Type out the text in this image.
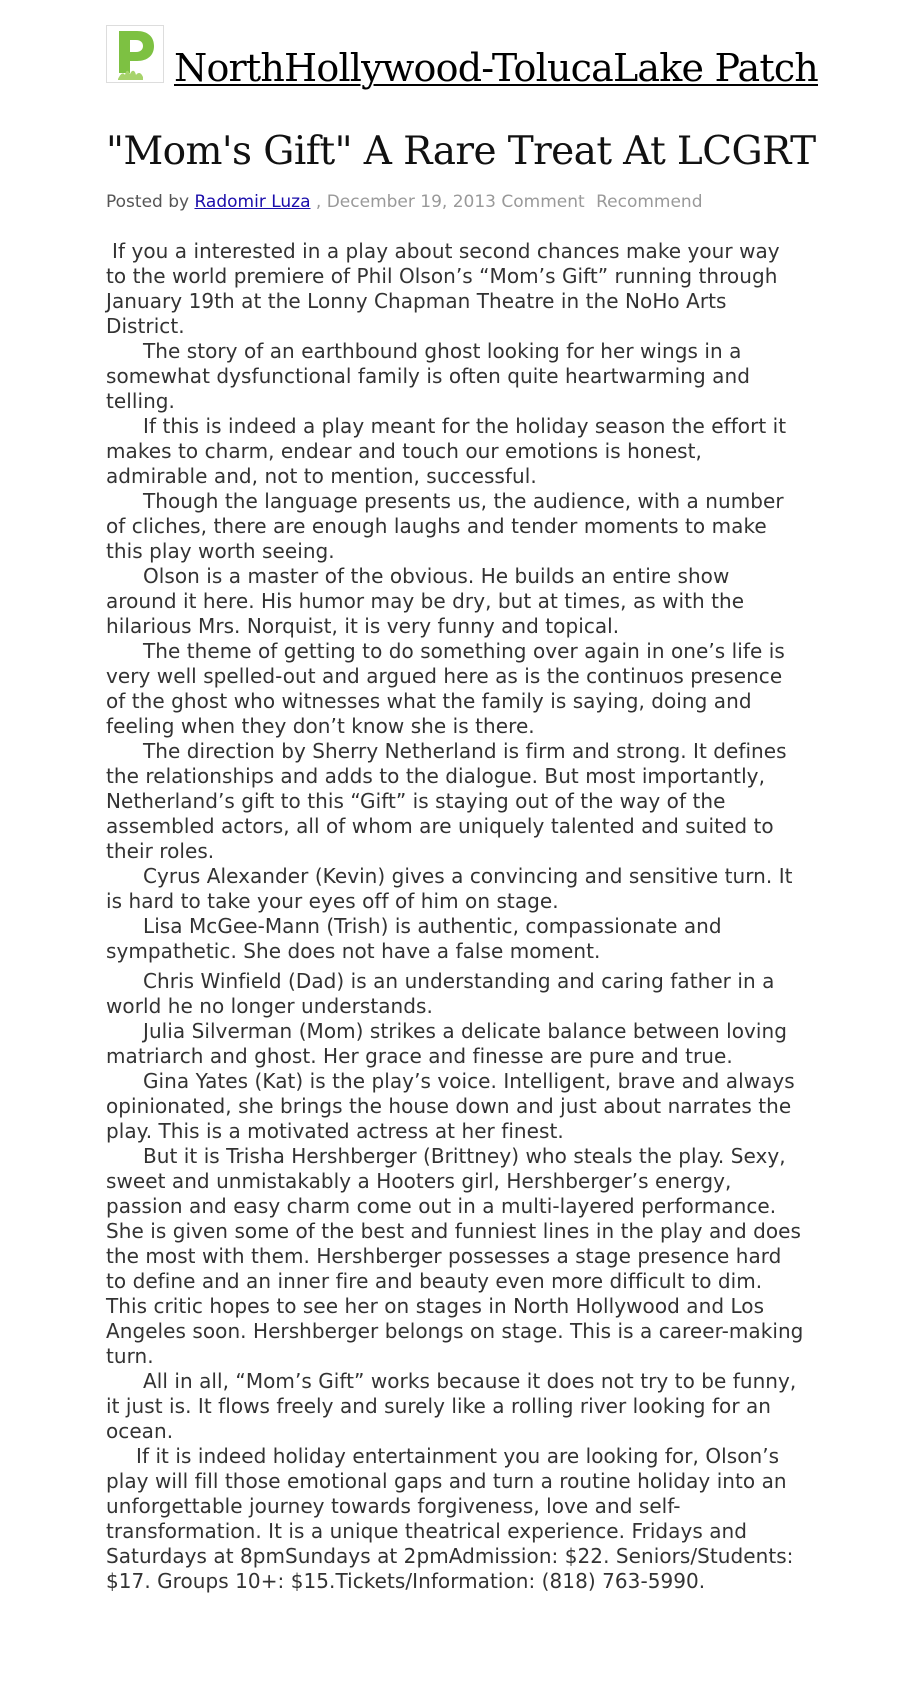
NorthHollywood-TolucaLake Patch
"Mom's Gift" A Rare Treat At LCGRT
Posted by Radomir Luza , December 19, 2013 Comment Recommend

If you a interested in a play about second chances make your way to the world premiere of Phil Olson’s “Mom’s Gift” running through January 19th at the Lonny Chapman Theatre in the NoHo Arts District.

The story of an earthbound ghost looking for her wings in a somewhat dysfunctional family is often quite heartwarming and telling.

If this is indeed a play meant for the holiday season the effort it makes to charm, endear and touch our emotions is honest, admirable and, not to mention, successful.

Though the language presents us, the audience, with a number of cliches, there are enough laughs and tender moments to make this play worth seeing.

Olson is a master of the obvious. He builds an entire show around it here. His humor may be dry, but at times, as with the hilarious Mrs. Norquist, it is very funny and topical.

The theme of getting to do something over again in one’s life is very well spelled-out and argued here as is the continuos presence of the ghost who witnesses what the family is saying, doing and feeling when they don’t know she is there.

The direction by Sherry Netherland is firm and strong. It defines the relationships and adds to the dialogue. But most importantly, Netherland’s gift to this “Gift” is staying out of the way of the assembled actors, all of whom are uniquely talented and suited to their roles.

Cyrus Alexander (Kevin) gives a convincing and sensitive turn. It is hard to take your eyes off of him on stage.

Lisa McGee-Mann (Trish) is authentic, compassionate and sympathetic. She does not have a false moment.

Chris Winfield (Dad) is an understanding and caring father in a world he no longer understands.

Julia Silverman (Mom) strikes a delicate balance between loving matriarch and ghost. Her grace and finesse are pure and true.

Gina Yates (Kat) is the play’s voice. Intelligent, brave and always opinionated, she brings the house down and just about narrates the play. This is a motivated actress at her finest.

But it is Trisha Hershberger (Brittney) who steals the play. Sexy, sweet and unmistakably a Hooters girl, Hershberger’s energy, passion and easy charm come out in a multi-layered performance. She is given some of the best and funniest lines in the play and does the most with them. Hershberger possesses a stage presence hard to define and an inner fire and beauty even more difficult to dim. This critic hopes to see her on stages in North Hollywood and Los Angeles soon. Hershberger belongs on stage. This is a career-making turn.

All in all, “Mom’s Gift” works because it does not try to be funny, it just is. It flows freely and surely like a rolling river looking for an ocean.

If it is indeed holiday entertainment you are looking for, Olson’s play will fill those emotional gaps and turn a routine holiday into an unforgettable journey towards forgiveness, love and self-transformation. It is a unique theatrical experience. Fridays and Saturdays at 8pmSundays at 2pmAdmission: $22. Seniors/Students: $17. Groups 10+: $15.Tickets/Information: (818) 763-5990.
